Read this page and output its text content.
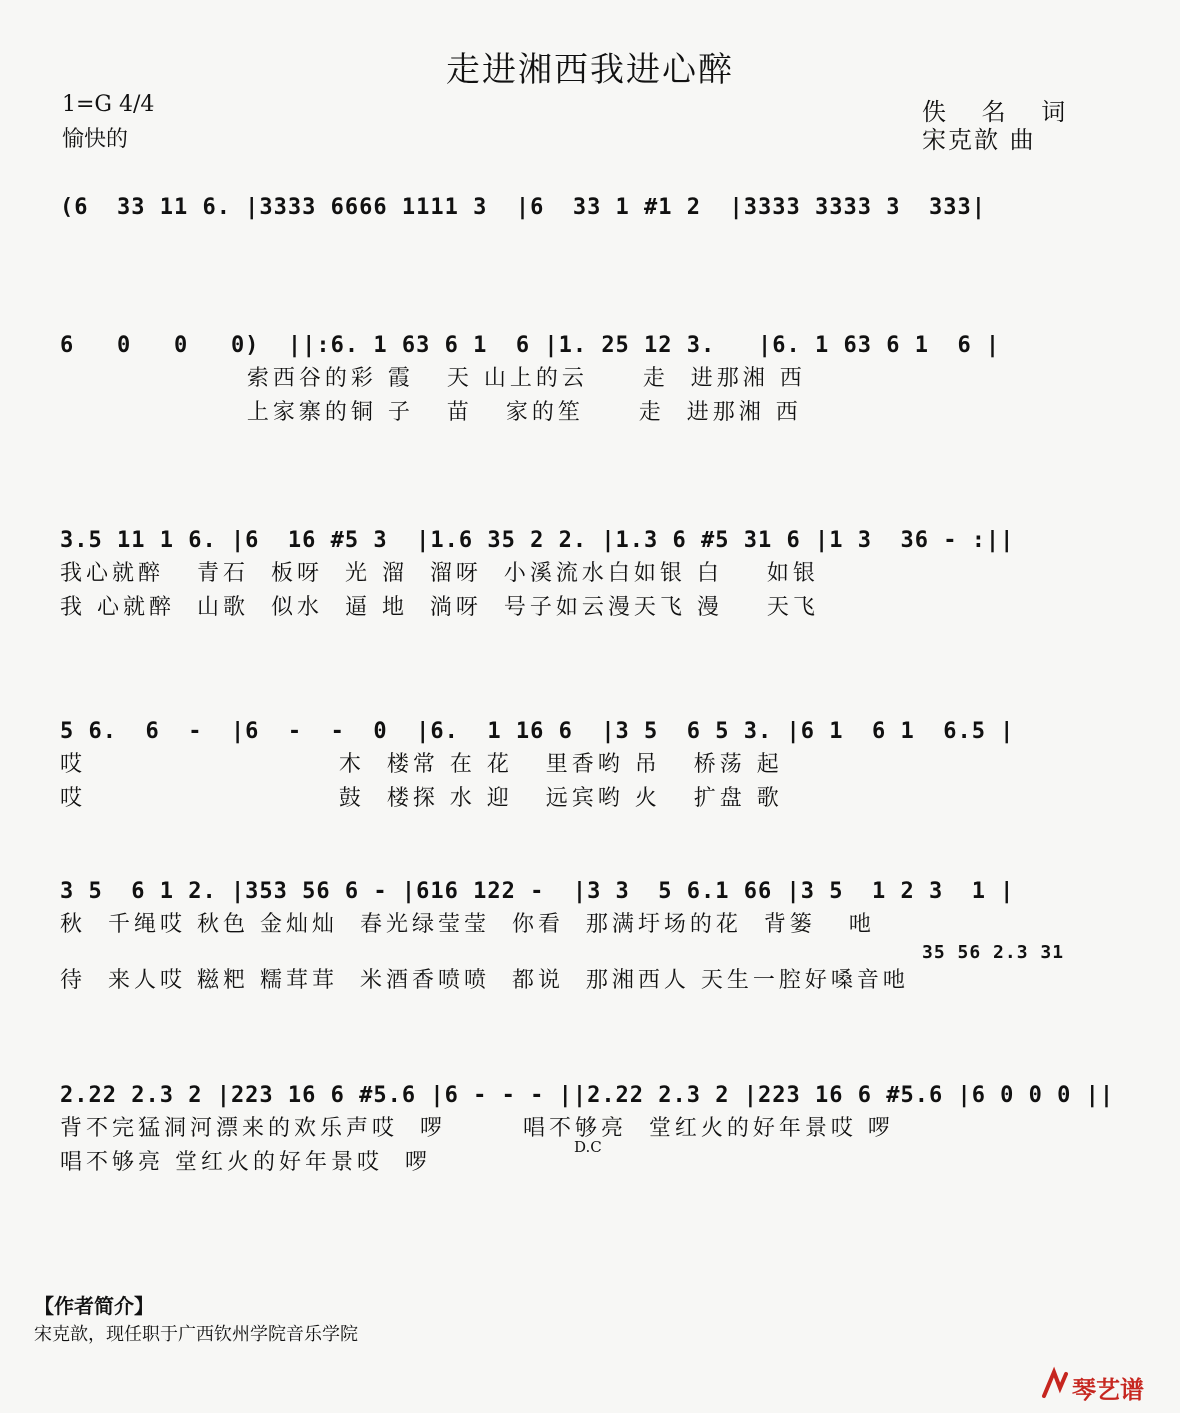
走进湘西我进心醉
1=G 4/4
愉快的
佚 名 词
宋克歆 曲
(6  33 11 6. |3333 6666 1111 3  |6  33 1 #1 2  |3333 3333 3  333|
6   0   0   0)  ||:6. 1 63 6 1  6 |1. 25 12 3.   |6. 1 63 6 1  6 |
索西谷的彩 霞   天 山上的云     走  进那湘 西
上家寨的铜 子   苗   家的笙     走  进那湘 西
3.5 11 1 6. |6  16 #5 3  |1.6 35 2 2. |1.3 6 #5 31 6 |1 3  36 - :||
我心就醉   青石  板呀  光 溜  溜呀  小溪流水白如银 白    如银
我 心就醉  山歌  似水  逼 地  淌呀  号子如云漫天飞 漫    天飞
5 6.  6  -  |6  -  -  0  |6.  1 16 6  |3 5  6 5 3. |6 1  6 1  6.5 |
哎                       木  楼常 在 花   里香哟 吊   桥荡 起
哎                       鼓  楼探 水 迎   远宾哟 火   扩盘 歌
3 5  6 1 2. |353 56 6 - |616 122 -  |3 3  5 6.1 66 |3 5  1 2 3  1 |
秋  千绳哎 秋色 金灿灿  春光绿莹莹  你看  那满圩场的花  背篓   吔
35 56 2.3 31
待  来人哎 糍粑 糯茸茸  米酒香喷喷  都说  那湘西人 天生一腔好嗓音吔
2.22 2.3 2 |223 16 6 #5.6 |6 - - - ||2.22 2.3 2 |223 16 6 #5.6 |6 0 0 0 ||
背不完猛洞河漂来的欢乐声哎  啰       唱不够亮  堂红火的好年景哎 啰
唱不够亮 堂红火的好年景哎  啰
D.C
【作者简介】
宋克歆，现任职于广西钦州学院音乐学院
琴艺谱
